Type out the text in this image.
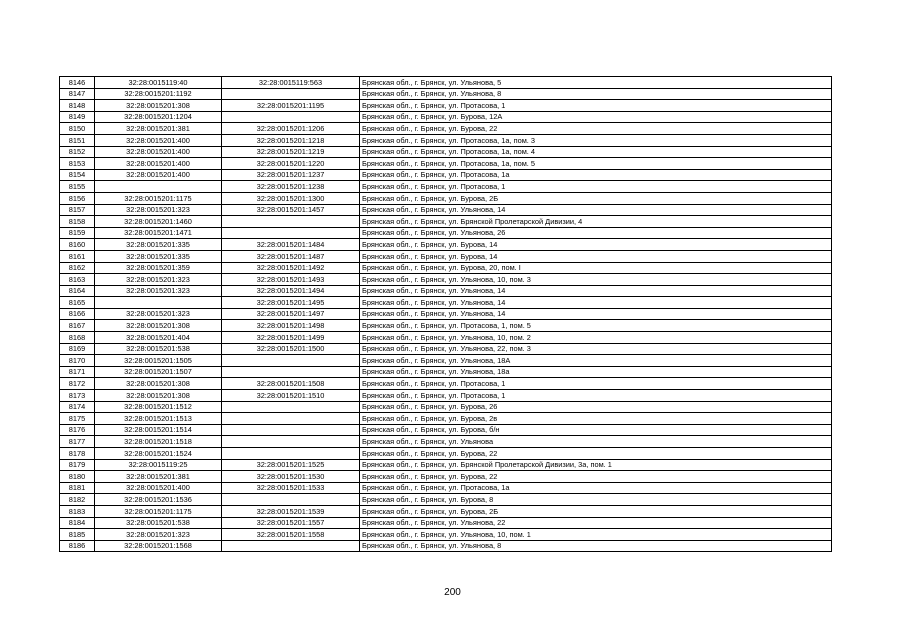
8146	32:28:0015119:40	32:28:0015119:563	Брянская обл., г. Брянск, ул. Ульянова, 5
8147	32:28:0015201:1192		Брянская обл., г. Брянск, ул. Ульянова, 8
8148	32:28:0015201:308	32:28:0015201:1195	Брянская обл., г. Брянск, ул. Протасова, 1
8149	32:28:0015201:1204		Брянская обл., г. Брянск, ул. Бурова, 12А
8150	32:28:0015201:381	32:28:0015201:1206	Брянская обл., г. Брянск, ул. Бурова, 22
8151	32:28:0015201:400	32:28:0015201:1218	Брянская обл., г. Брянск, ул. Протасова, 1а, пом. 3
8152	32:28:0015201:400	32:28:0015201:1219	Брянская обл., г. Брянск, ул. Протасова, 1а, пом. 4
8153	32:28:0015201:400	32:28:0015201:1220	Брянская обл., г. Брянск, ул. Протасова, 1а, пом. 5
8154	32:28:0015201:400	32:28:0015201:1237	Брянская обл., г. Брянск, ул. Протасова, 1а
8155		32:28:0015201:1238	Брянская обл., г. Брянск, ул. Протасова, 1
8156	32:28:0015201:1175	32:28:0015201:1300	Брянская обл., г. Брянск, ул. Бурова, 2Б
8157	32:28:0015201:323	32:28:0015201:1457	Брянская обл., г. Брянск, ул. Ульянова, 14
8158	32:28:0015201:1460		Брянская обл., г. Брянск, ул. Брянской Пролетарской Дивизии, 4
8159	32:28:0015201:1471		Брянская обл., г. Брянск, ул. Ульянова, 26
8160	32:28:0015201:335	32:28:0015201:1484	Брянская обл., г. Брянск, ул. Бурова, 14
8161	32:28:0015201:335	32:28:0015201:1487	Брянская обл., г. Брянск, ул. Бурова, 14
8162	32:28:0015201:359	32:28:0015201:1492	Брянская обл., г. Брянск, ул. Бурова, 20, пом. I
8163	32:28:0015201:323	32:28:0015201:1493	Брянская обл., г. Брянск, ул. Ульянова, 10, пом. 3
8164	32:28:0015201:323	32:28:0015201:1494	Брянская обл., г. Брянск, ул. Ульянова, 14
8165		32:28:0015201:1495	Брянская обл., г. Брянск, ул. Ульянова, 14
8166	32:28:0015201:323	32:28:0015201:1497	Брянская обл., г. Брянск, ул. Ульянова, 14
8167	32:28:0015201:308	32:28:0015201:1498	Брянская обл., г. Брянск, ул. Протасова, 1, пом. 5
8168	32:28:0015201:404	32:28:0015201:1499	Брянская обл., г. Брянск, ул. Ульянова, 10, пом. 2
8169	32:28:0015201:538	32:28:0015201:1500	Брянская обл., г. Брянск, ул. Ульянова, 22, пом. 3
8170	32:28:0015201:1505		Брянская обл., г. Брянск, ул. Ульянова, 18А
8171	32:28:0015201:1507		Брянская обл., г. Брянск, ул. Ульянова, 18а
8172	32:28:0015201:308	32:28:0015201:1508	Брянская обл., г. Брянск, ул. Протасова, 1
8173	32:28:0015201:308	32:28:0015201:1510	Брянская обл., г. Брянск, ул. Протасова, 1
8174	32:28:0015201:1512		Брянская обл., г. Брянск, ул. Бурова, 26
8175	32:28:0015201:1513		Брянская обл., г. Брянск, ул. Бурова, 2в
8176	32:28:0015201:1514		Брянская обл., г. Брянск, ул. Бурова, б/н
8177	32:28:0015201:1518		Брянская обл., г. Брянск, ул. Ульянова
8178	32:28:0015201:1524		Брянская обл., г. Брянск, ул. Бурова, 22
8179	32:28:0015119:25	32:28:0015201:1525	Брянская обл., г. Брянск, ул. Брянской Пролетарской Дивизии, 3а, пом. 1
8180	32:28:0015201:381	32:28:0015201:1530	Брянская обл., г. Брянск, ул. Бурова, 22
8181	32:28:0015201:400	32:28:0015201:1533	Брянская обл., г. Брянск, ул. Протасова, 1а
8182	32:28:0015201:1536		Брянская обл., г. Брянск, ул. Бурова, 8
8183	32:28:0015201:1175	32:28:0015201:1539	Брянская обл., г. Брянск, ул. Бурова, 2Б
8184	32:28:0015201:538	32:28:0015201:1557	Брянская обл., г. Брянск, ул. Ульянова, 22
8185	32:28:0015201:323	32:28:0015201:1558	Брянская обл., г. Брянск, ул. Ульянова, 10, пом. 1
8186	32:28:0015201:1568		Брянская обл., г. Брянск, ул. Ульянова, 8
200
